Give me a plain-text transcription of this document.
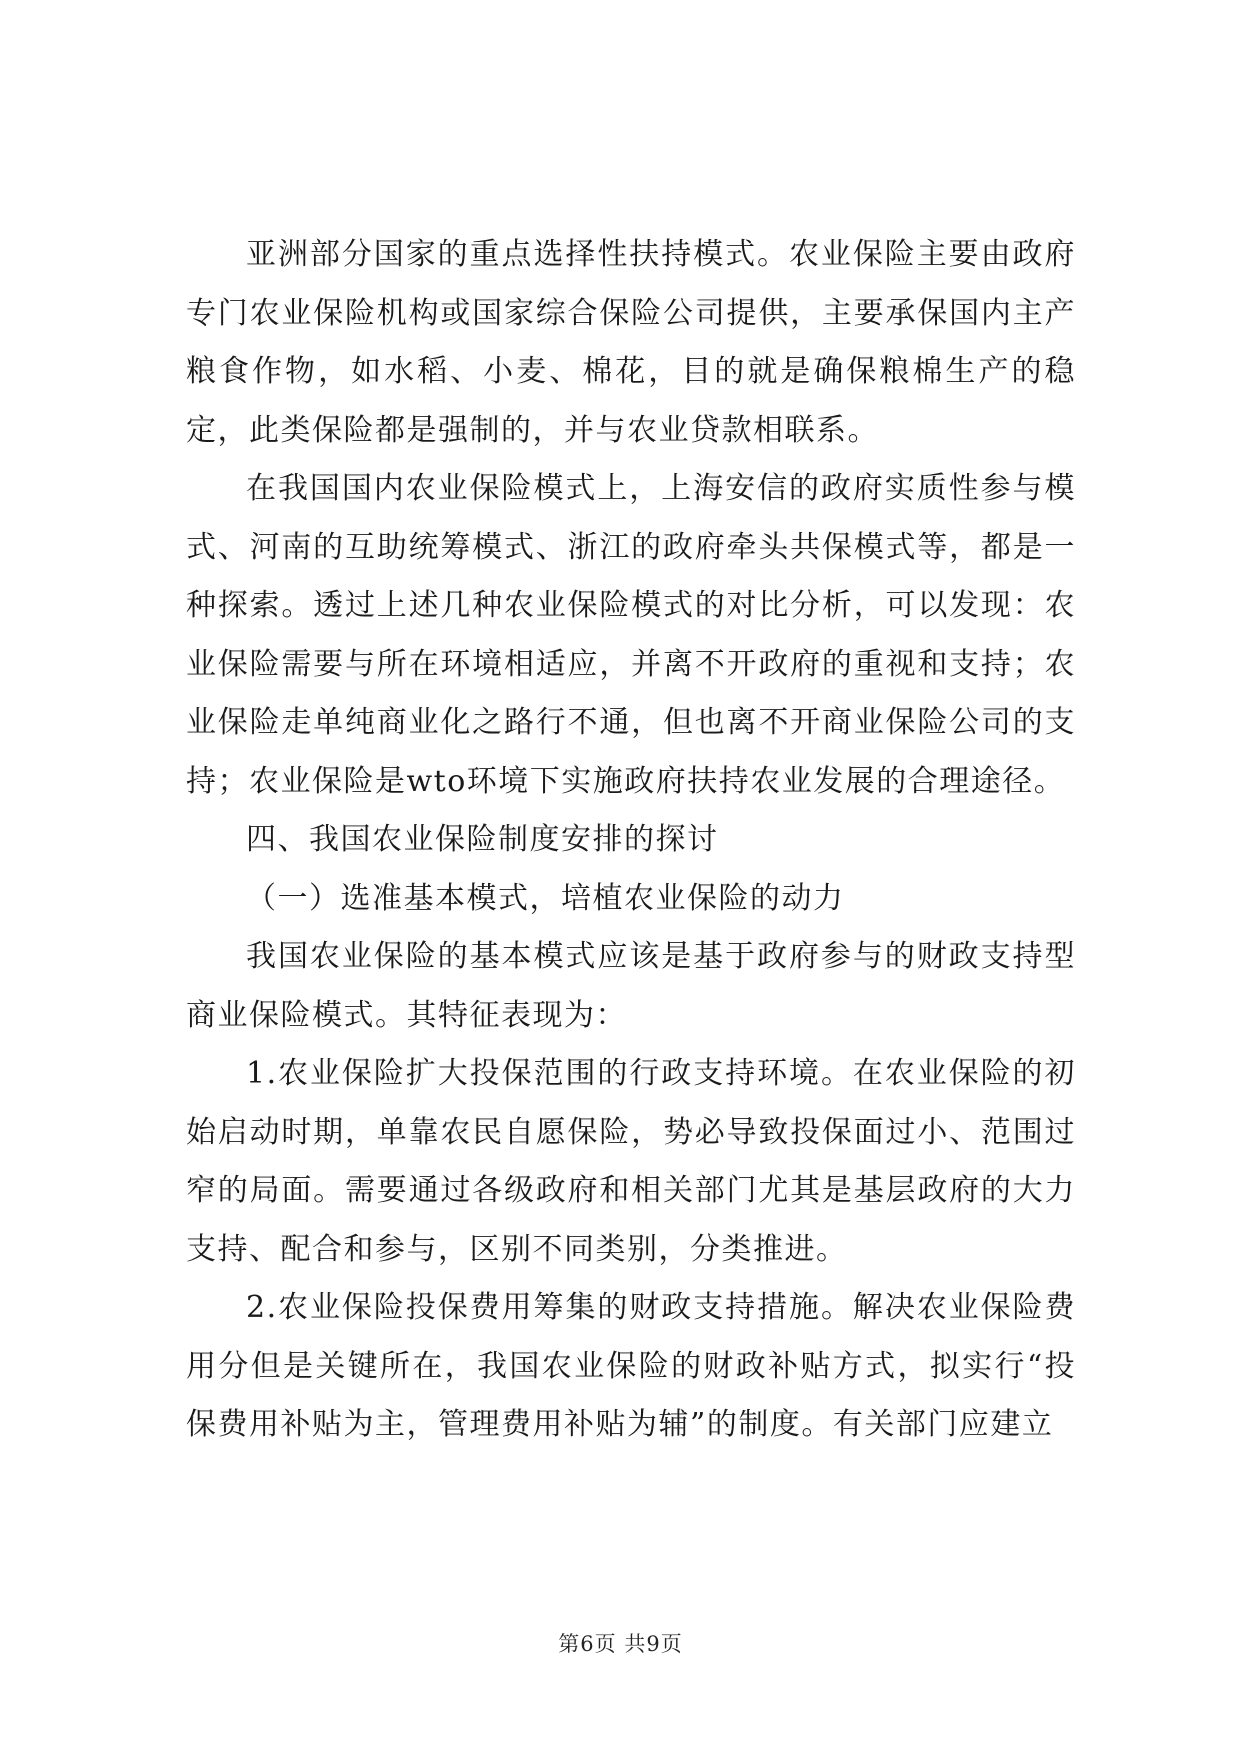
亚洲部分国家的重点选择性扶持模式。农业保险主要由政府专门农业保险机构或国家综合保险公司提供，主要承保国内主产粮食作物，如水稻、小麦、棉花，目的就是确保粮棉生产的稳定，此类保险都是强制的，并与农业贷款相联系。

在我国国内农业保险模式上，上海安信的政府实质性参与模式、河南的互助统筹模式、浙江的政府牵头共保模式等，都是一种探索。透过上述几种农业保险模式的对比分析，可以发现：农业保险需要与所在环境相适应，并离不开政府的重视和支持；农业保险走单纯商业化之路行不通，但也离不开商业保险公司的支持；农业保险是wto环境下实施政府扶持农业发展的合理途径。

四、我国农业保险制度安排的探讨

（一）选准基本模式，培植农业保险的动力

我国农业保险的基本模式应该是基于政府参与的财政支持型商业保险模式。其特征表现为：

1.农业保险扩大投保范围的行政支持环境。在农业保险的初始启动时期，单靠农民自愿保险，势必导致投保面过小、范围过窄的局面。需要通过各级政府和相关部门尤其是基层政府的大力支持、配合和参与，区别不同类别，分类推进。

2.农业保险投保费用筹集的财政支持措施。解决农业保险费用分但是关键所在，我国农业保险的财政补贴方式，拟实行“投保费用补贴为主，管理费用补贴为辅”的制度。有关部门应建立

第6页 共9页
